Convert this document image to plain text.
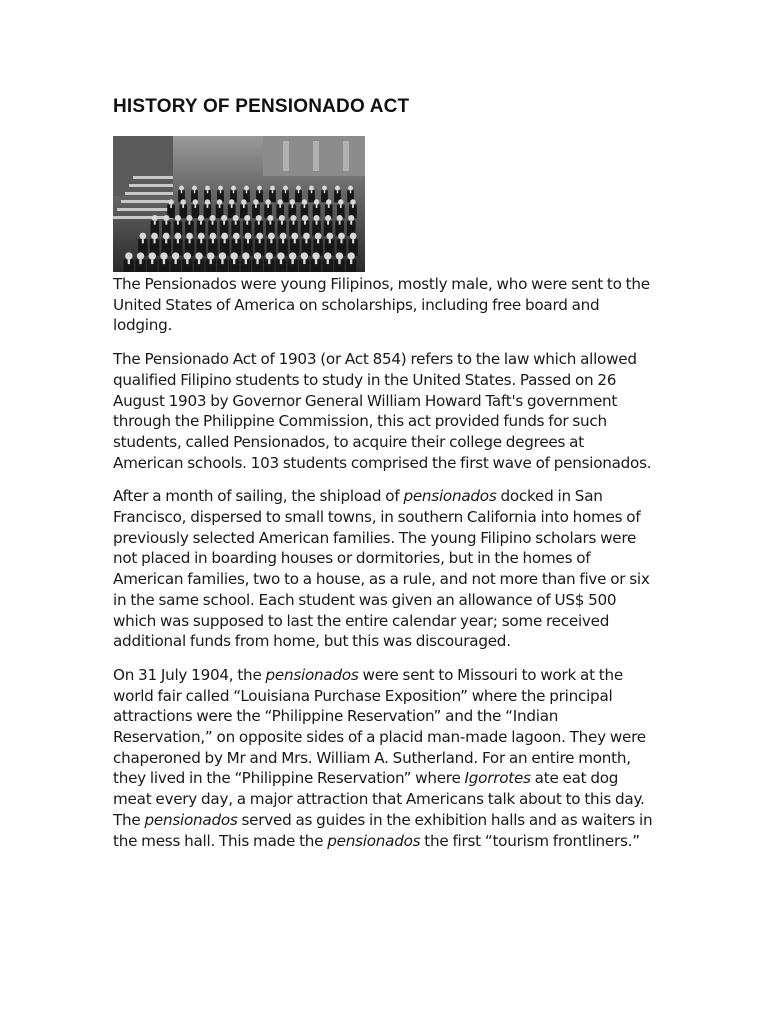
HISTORY OF PENSIONADO ACT

The Pensionados were young Filipinos, mostly male, who were sent to the United States of America on scholarships, including free board and lodging.

The Pensionado Act of 1903 (or Act 854) refers to the law which allowed qualified Filipino students to study in the United States. Passed on 26 August 1903 by Governor General William Howard Taft's government through the Philippine Commission, this act provided funds for such students, called Pensionados, to acquire their college degrees at American schools. 103 students comprised the first wave of pensionados.

After a month of sailing, the shipload of pensionados docked in San Francisco, dispersed to small towns, in southern California into homes of previously selected American families. The young Filipino scholars were not placed in boarding houses or dormitories, but in the homes of American families, two to a house, as a rule, and not more than five or six in the same school. Each student was given an allowance of US$ 500 which was supposed to last the entire calendar year; some received additional funds from home, but this was discouraged.

On 31 July 1904, the pensionados were sent to Missouri to work at the world fair called “Louisiana Purchase Exposition” where the principal attractions were the “Philippine Reservation” and the “Indian Reservation,” on opposite sides of a placid man-made lagoon. They were chaperoned by Mr and Mrs. William A. Sutherland. For an entire month, they lived in the “Philippine Reservation” where Igorrotes ate eat dog meat every day, a major attraction that Americans talk about to this day. The pensionados served as guides in the exhibition halls and as waiters in the mess hall. This made the pensionados the first “tourism frontliners.”
